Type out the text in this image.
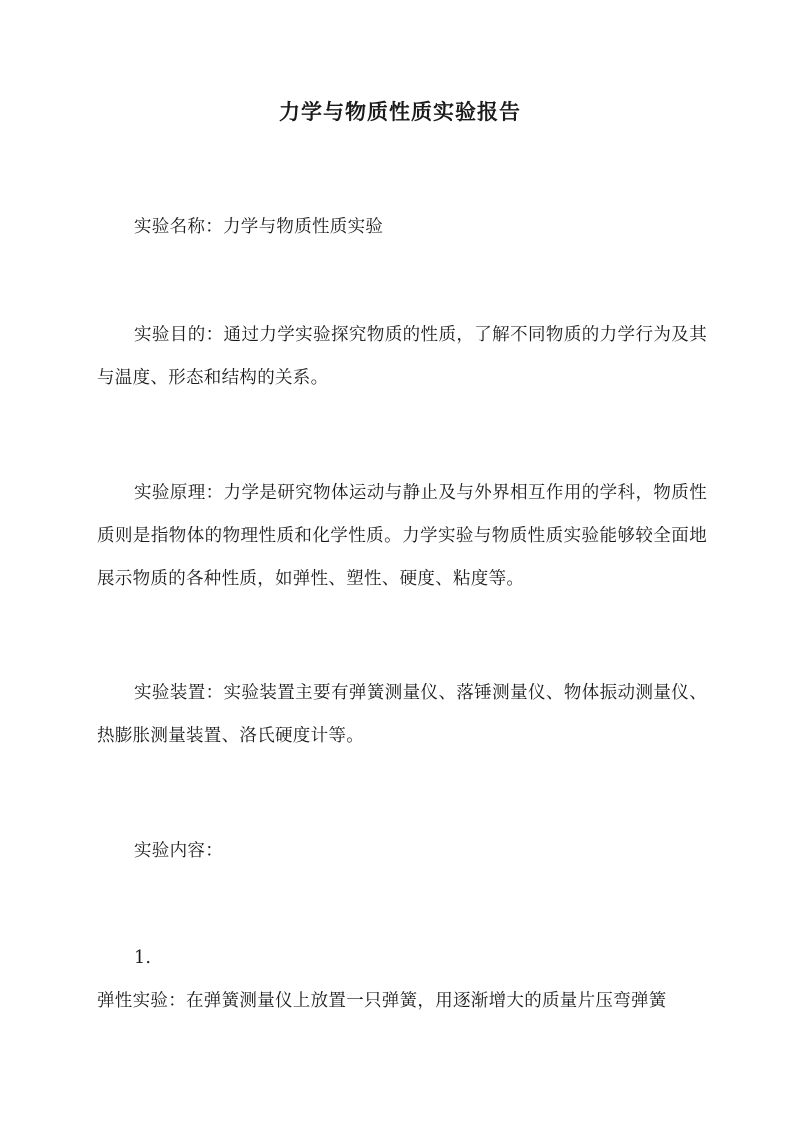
力学与物质性质实验报告

实验名称：力学与物质性质实验

实验目的：通过力学实验探究物质的性质，了解不同物质的力学行为及其与温度、形态和结构的关系。

实验原理：力学是研究物体运动与静止及与外界相互作用的学科，物质性质则是指物体的物理性质和化学性质。力学实验与物质性质实验能够较全面地展示物质的各种性质，如弹性、塑性、硬度、粘度等。

实验装置：实验装置主要有弹簧测量仪、落锤测量仪、物体振动测量仪、热膨胀测量装置、洛氏硬度计等。

实验内容：

1.

弹性实验：在弹簧测量仪上放置一只弹簧，用逐渐增大的质量片压弯弹簧
